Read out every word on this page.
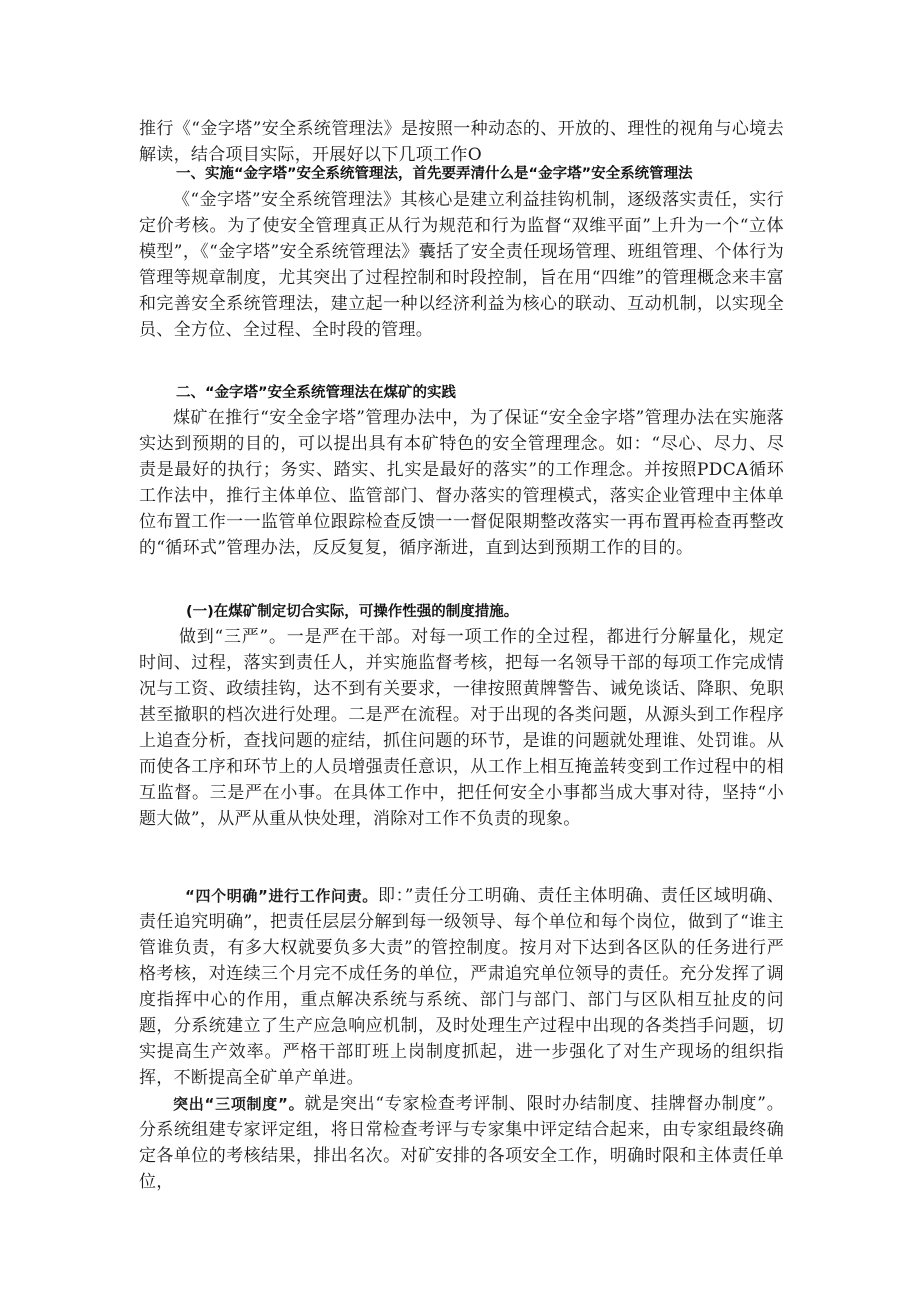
推行《“金字塔”安全系统管理法》是按照一种动态的、开放的、理性的视角与心境去解读，结合项目实际，开展好以下几项工作O

一、实施“金字塔”安全系统管理法，首先要弄清什么是“金字塔”安全系统管理法

《“金字塔”安全系统管理法》其核心是建立利益挂钩机制，逐级落实责任，实行定价考核。为了使安全管理真正从行为规范和行为监督“双维平面”上升为一个“立体模型”，《“金字塔”安全系统管理法》囊括了安全责任现场管理、班组管理、个体行为管理等规章制度，尤其突出了过程控制和时段控制，旨在用“四维”的管理概念来丰富和完善安全系统管理法，建立起一种以经济利益为核心的联动、互动机制，以实现全员、全方位、全过程、全时段的管理。

二、“金字塔”安全系统管理法在煤矿的实践

煤矿在推行“安全金字塔”管理办法中，为了保证“安全金字塔”管理办法在实施落实达到预期的目的，可以提出具有本矿特色的安全管理理念。如：“尽心、尽力、尽责是最好的执行；务实、踏实、扎实是最好的落实”的工作理念。并按照PDCA循环工作法中，推行主体单位、监管部门、督办落实的管理模式，落实企业管理中主体单位布置工作一一监管单位跟踪检查反馈一一督促限期整改落实一再布置再检查再整改的“循环式”管理办法，反反复复，循序渐进，直到达到预期工作的目的。

(一)在煤矿制定切合实际，可操作性强的制度措施。

做到“三严”。一是严在干部。对每一项工作的全过程，都进行分解量化，规定时间、过程，落实到责任人，并实施监督考核，把每一名领导干部的每项工作完成情况与工资、政绩挂钩，达不到有关要求，一律按照黄牌警告、诫免谈话、降职、免职甚至撤职的档次进行处理。二是严在流程。对于出现的各类问题，从源头到工作程序上追查分析，查找问题的症结，抓住问题的环节，是谁的问题就处理谁、处罚谁。从而使各工序和环节上的人员增强责任意识，从工作上相互掩盖转变到工作过程中的相互监督。三是严在小事。在具体工作中，把任何安全小事都当成大事对待，坚持“小题大做”，从严从重从快处理，消除对工作不负责的现象。

“四个明确”进行工作问责。即：”责任分工明确、责任主体明确、责任区域明确、责任追究明确”，把责任层层分解到每一级领导、每个单位和每个岗位，做到了“谁主管谁负责，有多大权就要负多大责”的管控制度。按月对下达到各区队的任务进行严格考核，对连续三个月完不成任务的单位，严肃追究单位领导的责任。充分发挥了调度指挥中心的作用，重点解决系统与系统、部门与部门、部门与区队相互扯皮的问题，分系统建立了生产应急响应机制，及时处理生产过程中出现的各类挡手问题，切实提高生产效率。严格干部盯班上岗制度抓起，进一步强化了对生产现场的组织指挥，不断提高全矿单产单进。

突出“三项制度”。就是突出“专家检查考评制、限时办结制度、挂牌督办制度”。分系统组建专家评定组，将日常检查考评与专家集中评定结合起来，由专家组最终确定各单位的考核结果，排出名次。对矿安排的各项安全工作，明确时限和主体责任单位，
